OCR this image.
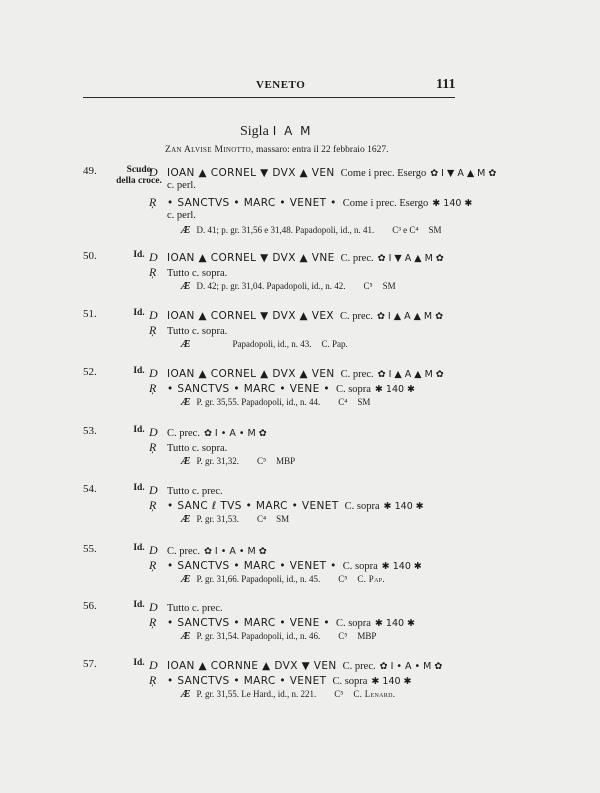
VENETO	111
Sigla I A M
Zan Alvise Minotto, massaro: entra il 22 febbraio 1627.
49.	Scudo
della croce.
D IOAN ▲ CORNEL ▼ DVX ▲ VEN Come i prec. Esergo ✿ I ▼ A ▲ M ✿
c. perl.
Ŗ • SANCTVS • MARC • VENET • Come i prec. Esergo ✱ 140 ✱
c. perl.
Æ D. 41; p. gr. 31,56 e 31,48. Papadopoli, id., n. 41. C³ e C⁴ SM
50.	Id. D IOAN ▲ CORNEL ▼ DVX ▲ VNE C. prec. ✿ I ▼ A ▲ M ✿
Ŗ Tutto c. sopra.
Æ D. 42; p. gr. 31,04. Papadopoli, id., n. 42. C⁵ SM
51.	Id. D IOAN ▲ CORNEL ▼ DVX ▲ VEX C. prec. ✿ I ▲ A ▲ M ✿
Ŗ Tutto c. sopra.
Æ	Papadopoli, id., n. 43. C. Pap.
52.	Id. D IOAN ▲ CORNEL ▲ DVX ▲ VEN C. prec. ✿ I ▲ A ▲ M ✿
Ŗ • SANCTVS • MARC • VENE • C. sopra ✱ 140 ✱
Æ P. gr. 35,55. Papadopoli, id., n. 44. C⁴ SM
53.	Id. D C. prec. ✿ I • A • M ✿
Ŗ Tutto c. sopra.
Æ P. gr. 31,32. C⁵ MBP
54.	Id. D Tutto c. prec.
Ŗ • SANC ℓ TVS • MARC • VENET C. sopra ✱ 140 ✱
Æ P. gr. 31,53. C⁴ SM
55.	Id. D C. prec. ✿ I • A • M ✿
Ŗ • SANCTVS • MARC • VENET • C. sopra ✱ 140 ✱
Æ P. gr. 31,66. Papadopoli, id., n. 45. C⁵ C. Pap.
56.	Id. D Tutto c. prec.
Ŗ • SANCTVS • MARC • VENE • C. sopra ✱ 140 ✱
Æ P. gr. 31,54. Papadopoli, id., n. 46. C⁵ MBP
57.	Id. D IOAN ▲ CORNNE ▲ DVX ▼ VEN C. prec. ✿ I • A • M ✿
Ŗ • SANCTVS • MARC • VENET C. sopra ✱ 140 ✱
Æ P. gr. 31,55. Le Hard., id., n. 221. C⁵ C. Lenard.
